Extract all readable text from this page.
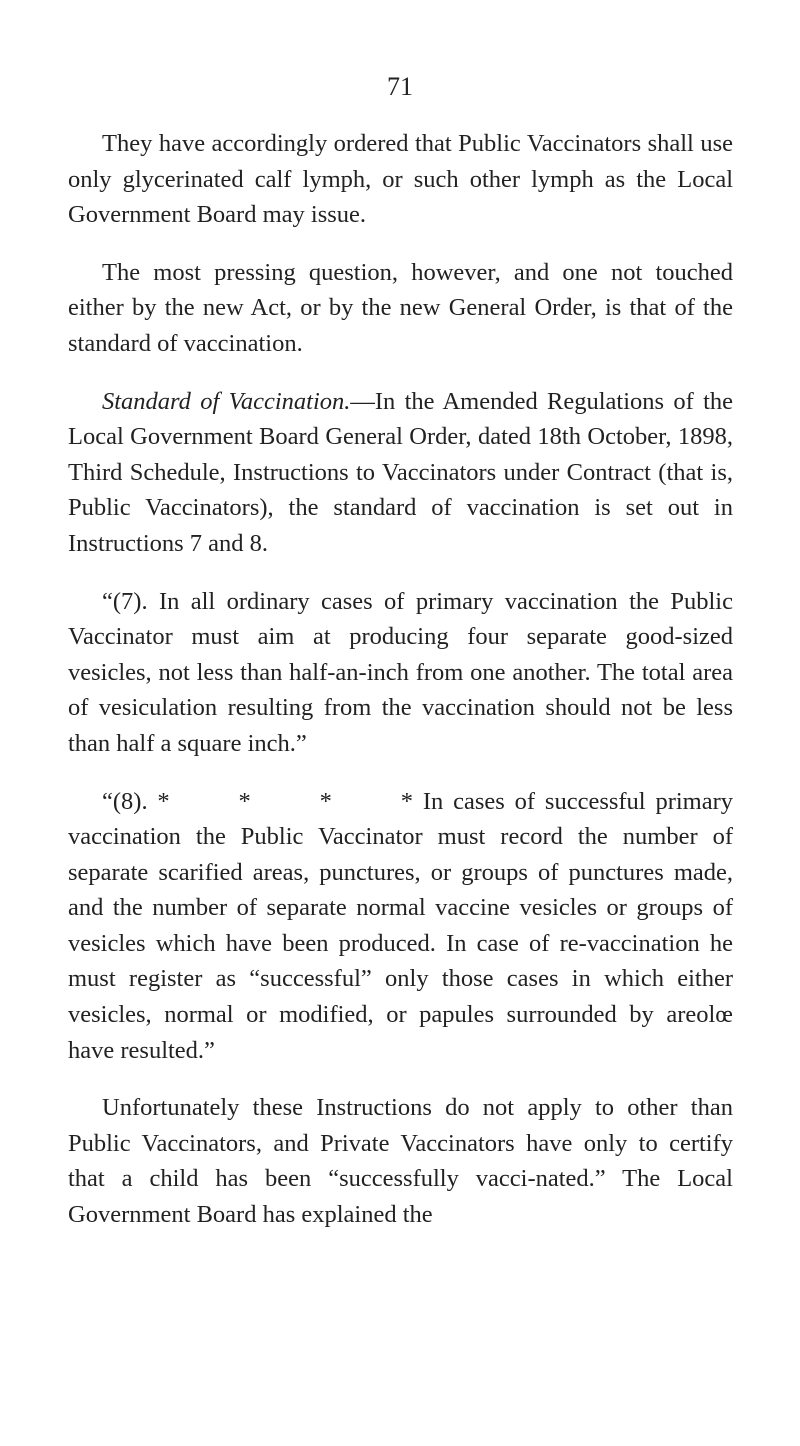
71

They have accordingly ordered that Public Vaccinators shall use only glycerinated calf lymph, or such other lymph as the Local Government Board may issue.

The most pressing question, however, and one not touched either by the new Act, or by the new General Order, is that of the standard of vaccination.

Standard of Vaccination.—In the Amended Regulations of the Local Government Board General Order, dated 18th October, 1898, Third Schedule, Instructions to Vaccinators under Contract (that is, Public Vaccinators), the standard of vaccination is set out in Instructions 7 and 8.

“(7). In all ordinary cases of primary vaccination the Public Vaccinator must aim at producing four separate good-sized vesicles, not less than half-an-inch from one another. The total area of vesiculation resulting from the vaccination should not be less than half a square inch.”

“(8). *       *       *       * In cases of successful primary vaccination the Public Vaccinator must record the number of separate scarified areas, punctures, or groups of punctures made, and the number of separate normal vaccine vesicles or groups of vesicles which have been produced. In case of re-vaccination he must register as “successful” only those cases in which either vesicles, normal or modified, or papules surrounded by areolœ have resulted.”

Unfortunately these Instructions do not apply to other than Public Vaccinators, and Private Vaccinators have only to certify that a child has been “successfully vacci-nated.” The Local Government Board has explained the
